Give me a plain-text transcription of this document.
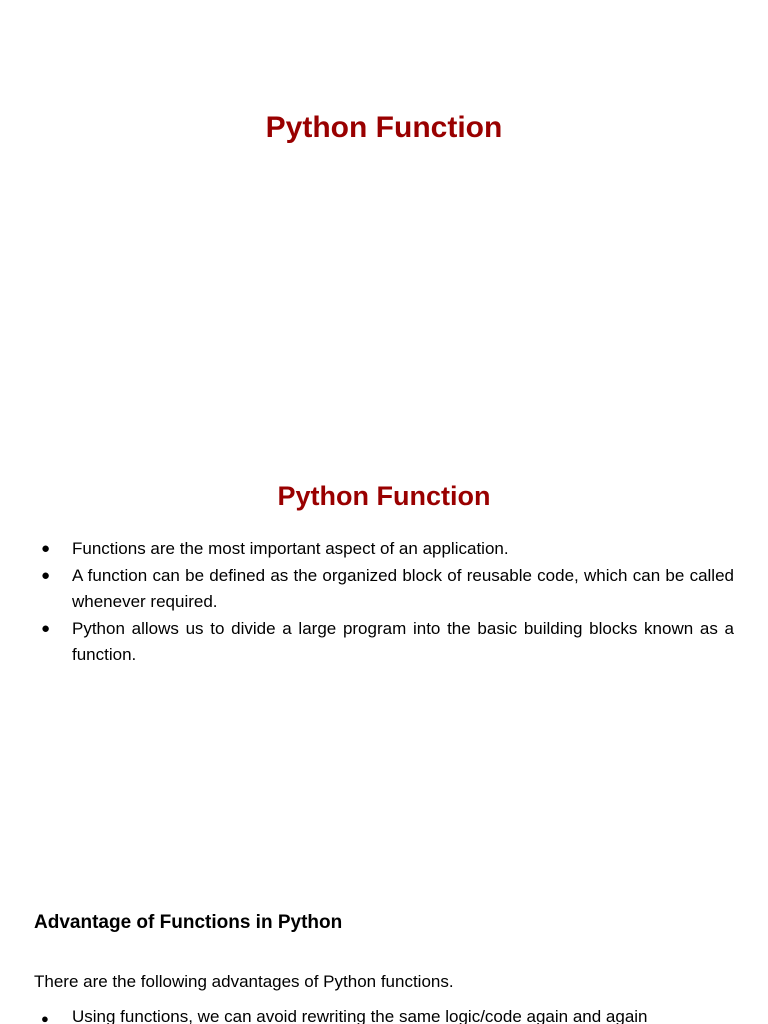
Python Function
Python Function
● Functions are the most important aspect of an application.
● A function can be defined as the organized block of reusable code, which can be called whenever required.
● Python allows us to divide a large program into the basic building blocks known as a function.
Advantage of Functions in Python

There are the following advantages of Python functions.

● Using functions, we can avoid rewriting the same logic/code again and again
